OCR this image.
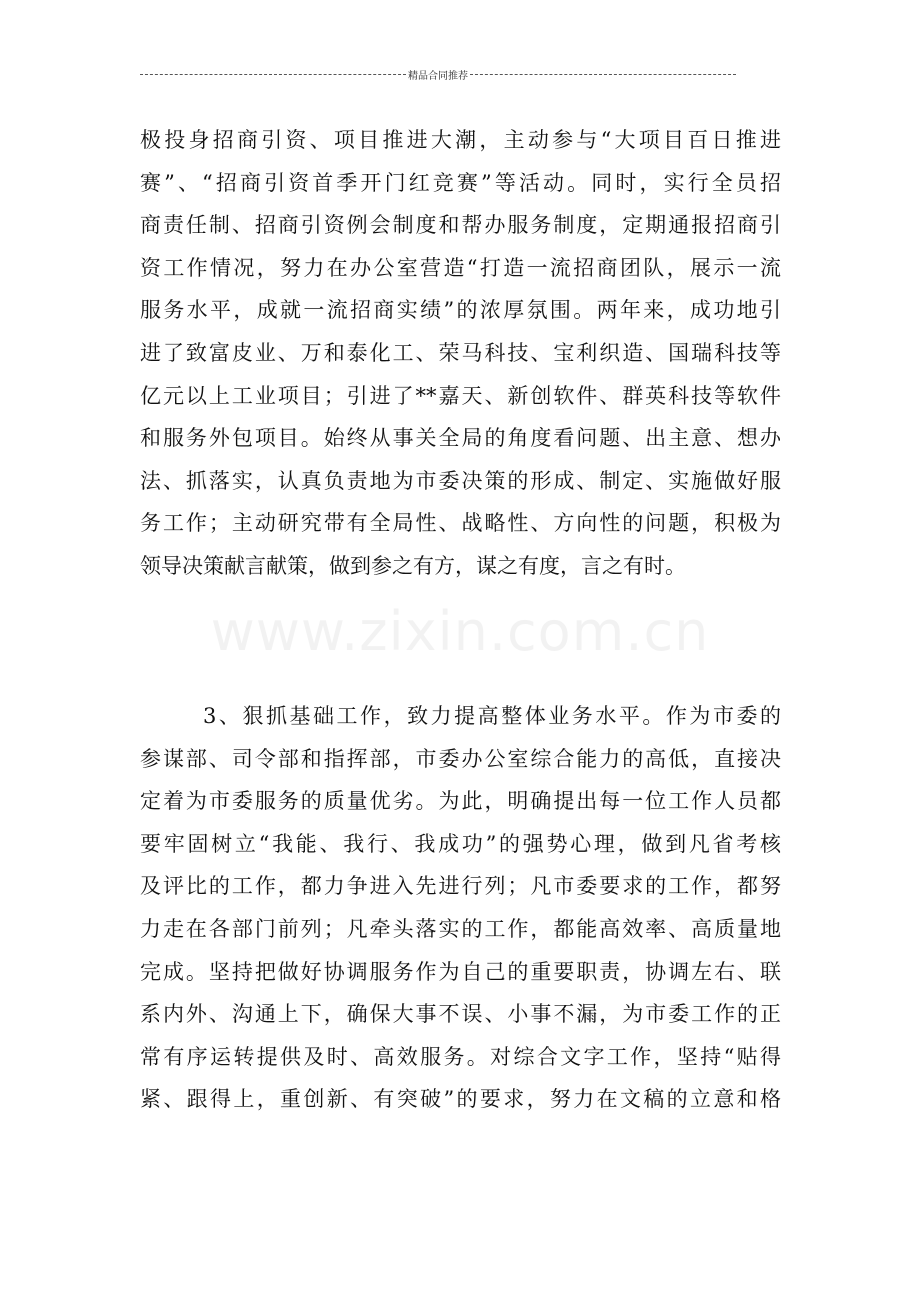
精品合同推荐
www.zixin.com.cn
极投身招商引资、项目推进大潮，主动参与“大项目百日推进
赛”、“招商引资首季开门红竞赛”等活动。同时，实行全员招
商责任制、招商引资例会制度和帮办服务制度，定期通报招商引
资工作情况，努力在办公室营造“打造一流招商团队，展示一流
服务水平，成就一流招商实绩”的浓厚氛围。两年来，成功地引
进了致富皮业、万和泰化工、荣马科技、宝利织造、国瑞科技等
亿元以上工业项目；引进了**嘉天、新创软件、群英科技等软件
和服务外包项目。始终从事关全局的角度看问题、出主意、想办
法、抓落实，认真负责地为市委决策的形成、制定、实施做好服
务工作；主动研究带有全局性、战略性、方向性的问题，积极为
领导决策献言献策，做到参之有方，谋之有度，言之有时。
3、狠抓基础工作，致力提高整体业务水平。作为市委的
参谋部、司令部和指挥部，市委办公室综合能力的高低，直接决
定着为市委服务的质量优劣。为此，明确提出每一位工作人员都
要牢固树立“我能、我行、我成功”的强势心理，做到凡省考核
及评比的工作，都力争进入先进行列；凡市委要求的工作，都努
力走在各部门前列；凡牵头落实的工作，都能高效率、高质量地
完成。坚持把做好协调服务作为自己的重要职责，协调左右、联
系内外、沟通上下，确保大事不误、小事不漏，为市委工作的正
常有序运转提供及时、高效服务。对综合文字工作，坚持“贴得
紧、跟得上，重创新、有突破”的要求，努力在文稿的立意和格
